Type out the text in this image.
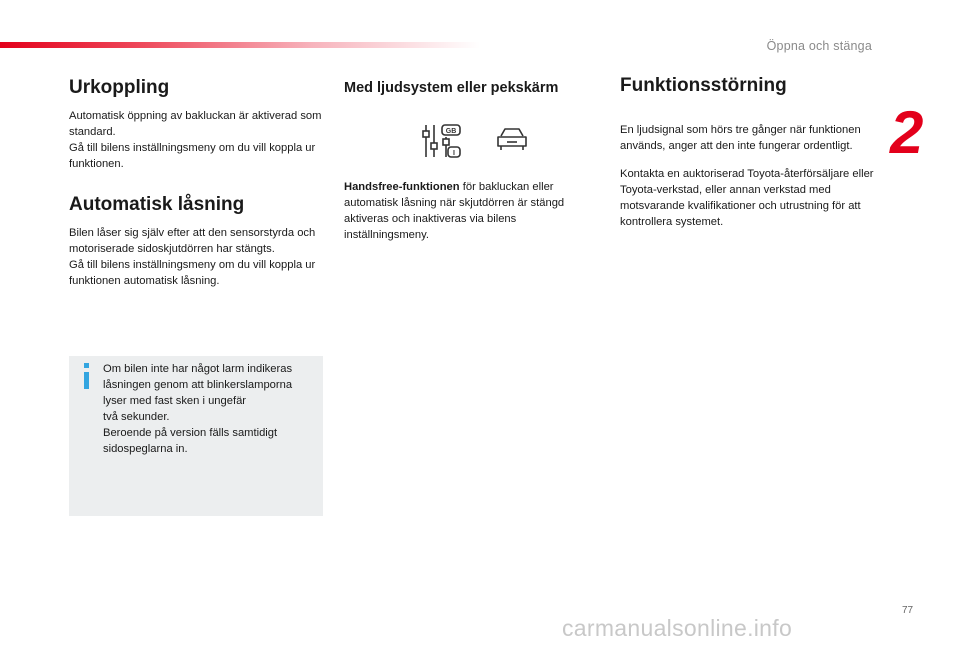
Öppna och stänga
2
Urkoppling

Automatisk öppning av bakluckan är aktiverad som standard.
Gå till bilens inställningsmeny om du vill koppla ur funktionen.

Automatisk låsning

Bilen låser sig själv efter att den sensorstyrda och motoriserade sidoskjutdörren har stängts.
Gå till bilens inställningsmeny om du vill koppla ur funktionen automatisk låsning.

Om bilen inte har något larm indikeras låsningen genom att blinkerslamporna lyser med fast sken i ungefär
två sekunder.
Beroende på version fälls samtidigt sidospeglarna in.
Med ljudsystem eller pekskärm
GB
I

Handsfree-funktionen för bakluckan eller automatisk låsning när skjutdörren är stängd aktiveras och inaktiveras via bilens inställningsmeny.

Funktionsstörning

En ljudsignal som hörs tre gånger när funktionen används, anger att den inte fungerar ordentligt.

Kontakta en auktoriserad Toyota-återförsäljare eller Toyota-verkstad, eller annan verkstad med motsvarande kvalifikationer och utrustning för att kontrollera systemet.

77
carmanualsonline.info
